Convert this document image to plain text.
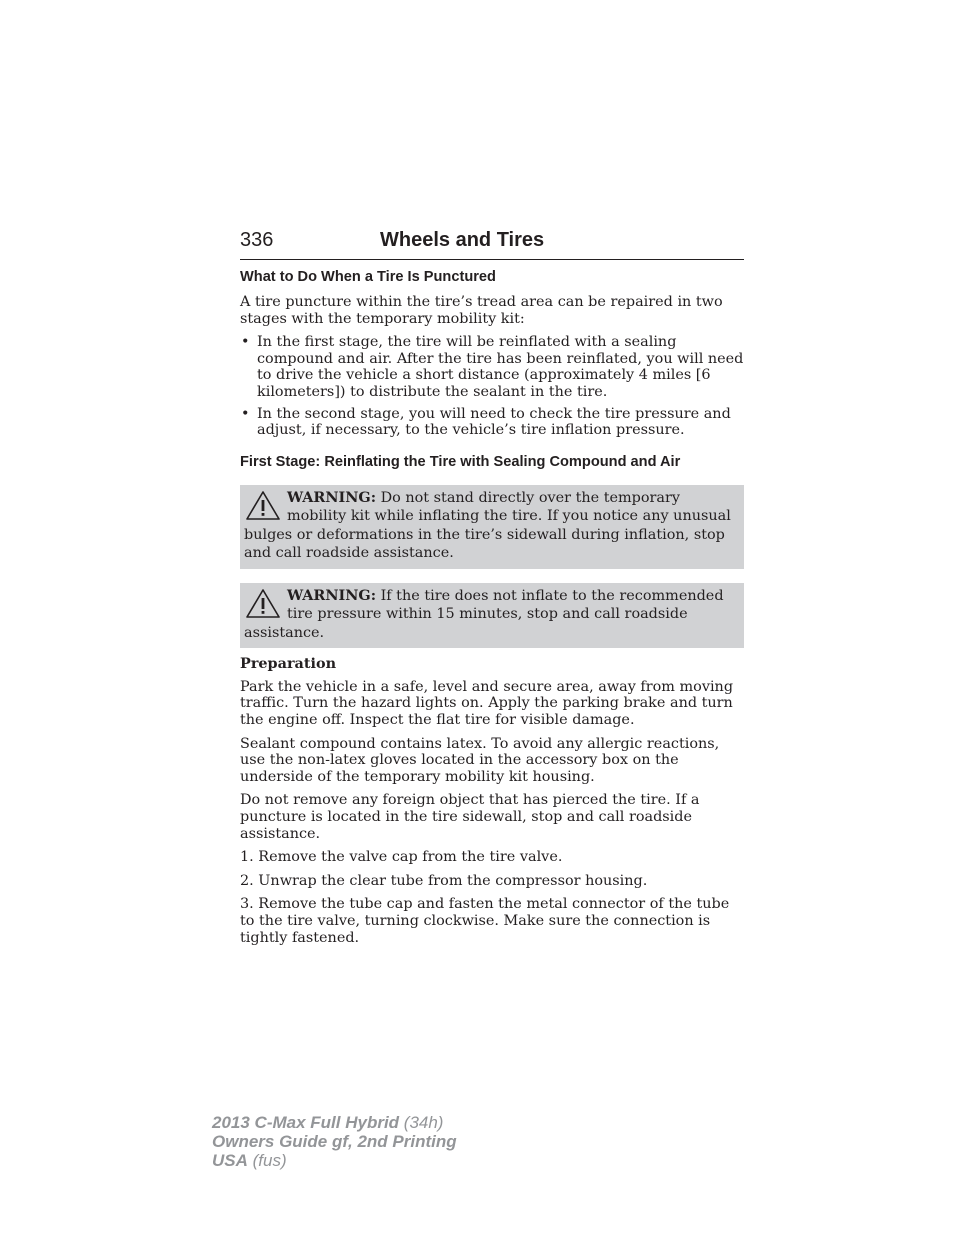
336	Wheels and Tires
What to Do When a Tire Is Punctured

A tire puncture within the tire’s tread area can be repaired in two stages with the temporary mobility kit:

• In the first stage, the tire will be reinflated with a sealing compound and air. After the tire has been reinflated, you will need to drive the vehicle a short distance (approximately 4 miles [6 kilometers]) to distribute the sealant in the tire.
• In the second stage, you will need to check the tire pressure and adjust, if necessary, to the vehicle’s tire inflation pressure.
First Stage: Reinflating the Tire with Sealing Compound and Air
WARNING: Do not stand directly over the temporary mobility kit while inflating the tire. If you notice any unusual bulges or deformations in the tire’s sidewall during inflation, stop and call roadside assistance.
WARNING: If the tire does not inflate to the recommended tire pressure within 15 minutes, stop and call roadside assistance.
Preparation

Park the vehicle in a safe, level and secure area, away from moving traffic. Turn the hazard lights on. Apply the parking brake and turn the engine off. Inspect the flat tire for visible damage.

Sealant compound contains latex. To avoid any allergic reactions, use the non-latex gloves located in the accessory box on the underside of the temporary mobility kit housing.

Do not remove any foreign object that has pierced the tire. If a puncture is located in the tire sidewall, stop and call roadside assistance.

1. Remove the valve cap from the tire valve.

2. Unwrap the clear tube from the compressor housing.

3. Remove the tube cap and fasten the metal connector of the tube to the tire valve, turning clockwise. Make sure the connection is tightly fastened.

2013 C-Max Full Hybrid (34h)
Owners Guide gf, 2nd Printing
USA (fus)
